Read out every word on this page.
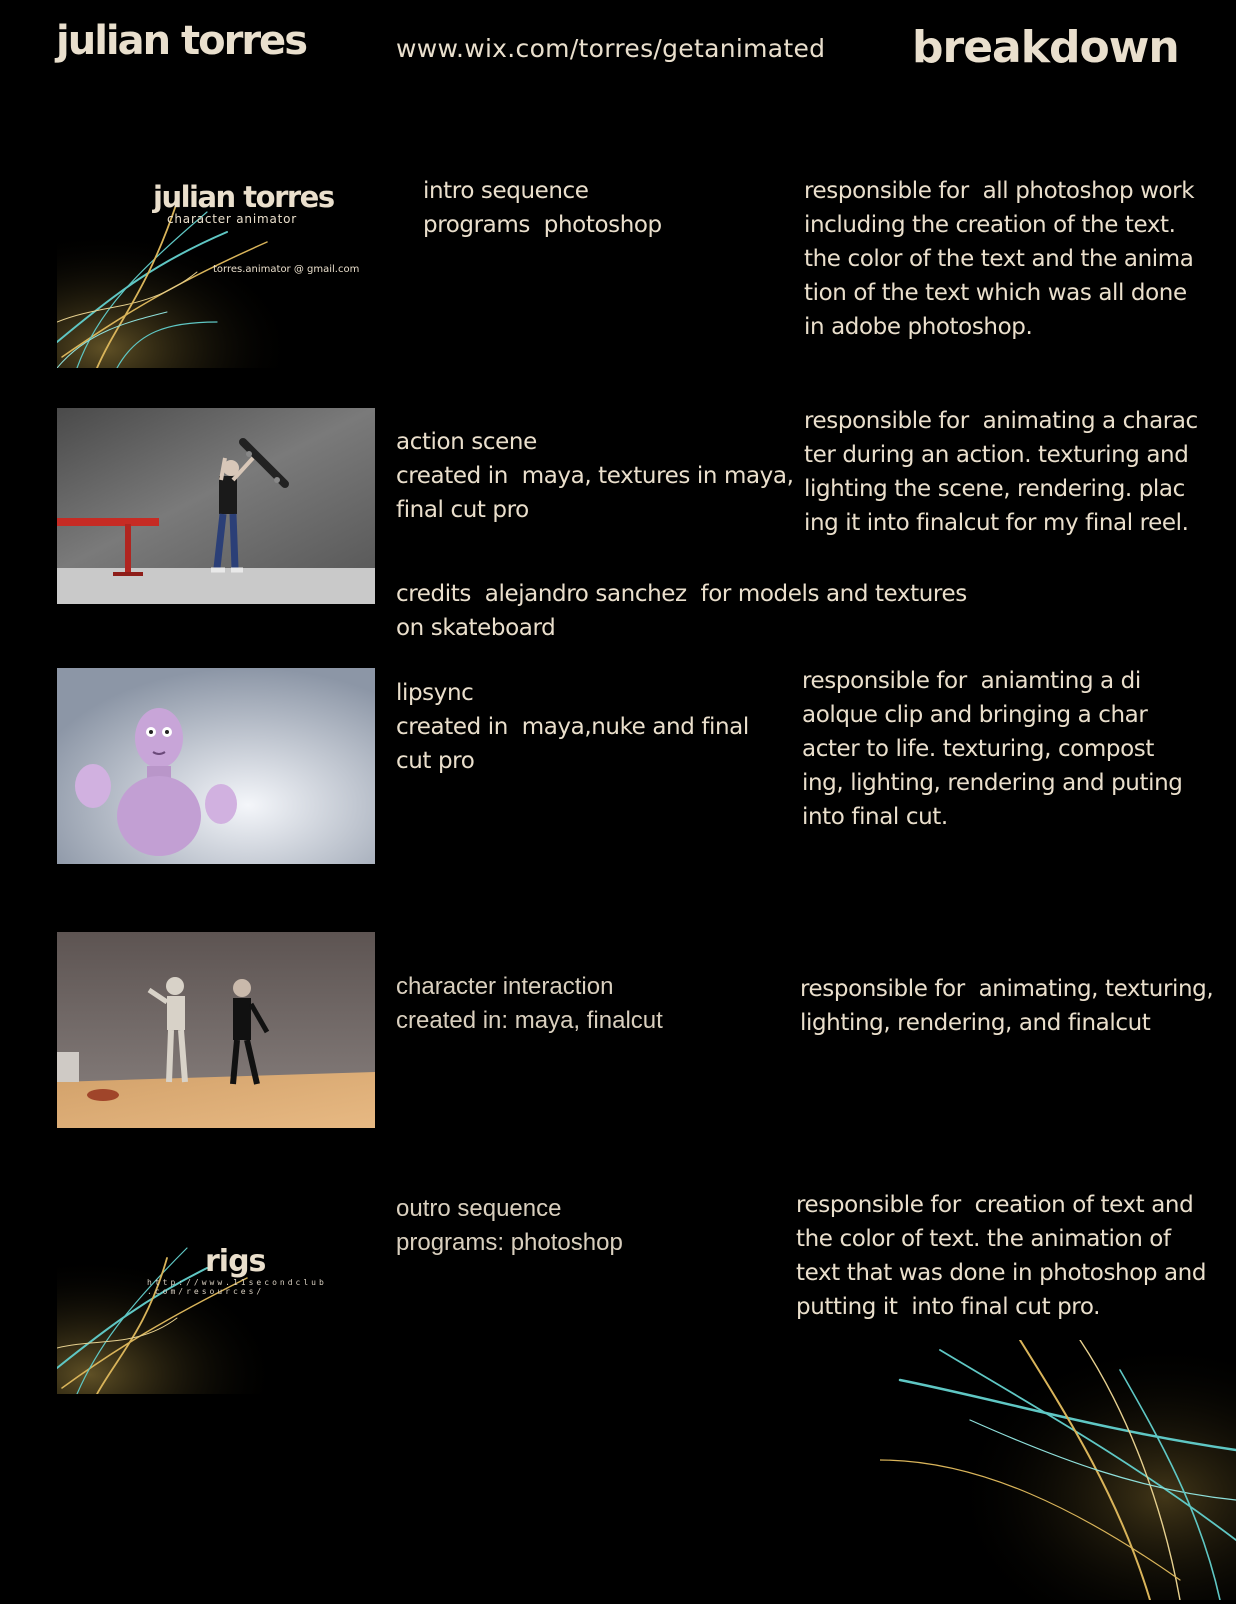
julian torres	www.wix.com/torres/getanimated breakdown
julian torres
character animator
torres.animator @ gmail.com
intro sequence
programs  photoshop
responsible for  all photoshop work
including the creation of the text.
the color of the text and the anima
tion of the text which was all done
in adobe photoshop.
action scene
created in  maya, textures in maya,
final cut pro
responsible for  animating a charac
ter during an action. texturing and
lighting the scene, rendering. plac
ing it into finalcut for my final reel.
credits  alejandro sanchez  for models and textures
on skateboard
lipsync
created in  maya,nuke and final
cut pro
responsible for  aniamting a di
aolque clip and bringing a char
acter to life. texturing, compost
ing, lighting, rendering and puting
into final cut.
character interaction
created in: maya, finalcut
responsible for  animating, texturing,
lighting, rendering, and finalcut
rigs
http://www.11secondclub
.com/resources/
outro sequence
programs: photoshop
responsible for  creation of text and
the color of text. the animation of
text that was done in photoshop and
putting it  into final cut pro.
